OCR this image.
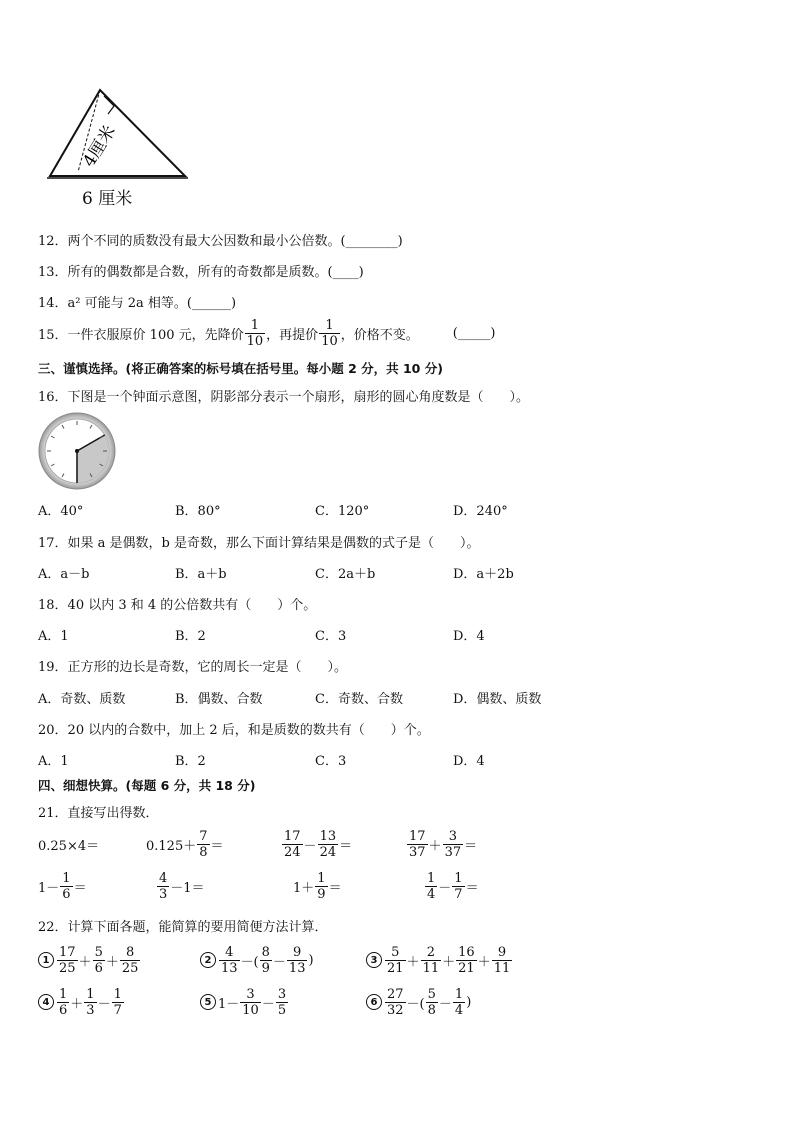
4厘米
6 厘米
12．两个不同的质数没有最大公因数和最小公倍数。(________)
13．所有的偶数都是合数，所有的奇数都是质数。(____)
14．a² 可能与 2a 相等。(______)
15．一件衣服原价 100 元，先降价 $\frac{1}{10}$ ，再提价 $\frac{1}{10}$ ，价格不变。	(_____)
三、谨慎选择。(将正确答案的标号填在括号里。每小题 2 分，共 10 分)
16．下图是一个钟面示意图，阴影部分表示一个扇形，扇形的圆心角度数是（　　）。
A．40°	B．80°	C．120°	D．240°
17．如果 a 是偶数，b 是奇数，那么下面计算结果是偶数的式子是（　　）。
A．a－b	B．a＋b	C．2a＋b	D．a＋2b
18．40 以内 3 和 4 的公倍数共有（　　）个。
A．1	B．2	C．3	D．4
19．正方形的边长是奇数，它的周长一定是（　　）。
A．奇数、质数	B．偶数、合数	C．奇数、合数	D．偶数、质数
20．20 以内的合数中，加上 2 后，和是质数的数共有（　　）个。
A．1	B．2	C．3	D．4
四、细想快算。(每题 6 分，共 18 分)
21．直接写出得数．
0.25×4＝	$0.125+ \frac{7}{8}$ ＝	$\frac{17}{24} - \frac{13}{24}$ ＝	$\frac{17}{37} + \frac{3}{37}$ ＝
$1- \frac{1}{6}$ ＝	$\frac{4}{3} -1=$	$1+ \frac{1}{9}$ ＝	$\frac{1}{4} - \frac{1}{7}$ ＝
22．计算下面各题，能简算的要用简便方法计算．
$1 \frac{17}{25} + \frac{5}{6} + \frac{8}{25}$	$2 \frac{4}{13}$ －( $\frac{8}{9} - \frac{9}{13}$ )	$3 \frac{5}{21} + \frac{2}{11} + \frac{16}{21} + \frac{9}{11}$
$4 \frac{1}{6} + \frac{1}{3} - \frac{1}{7}$	5 $1- \frac{3}{10} - \frac{3}{5}$	$6 \frac{27}{32}$ －( $\frac{5}{8} - \frac{1}{4}$ )
